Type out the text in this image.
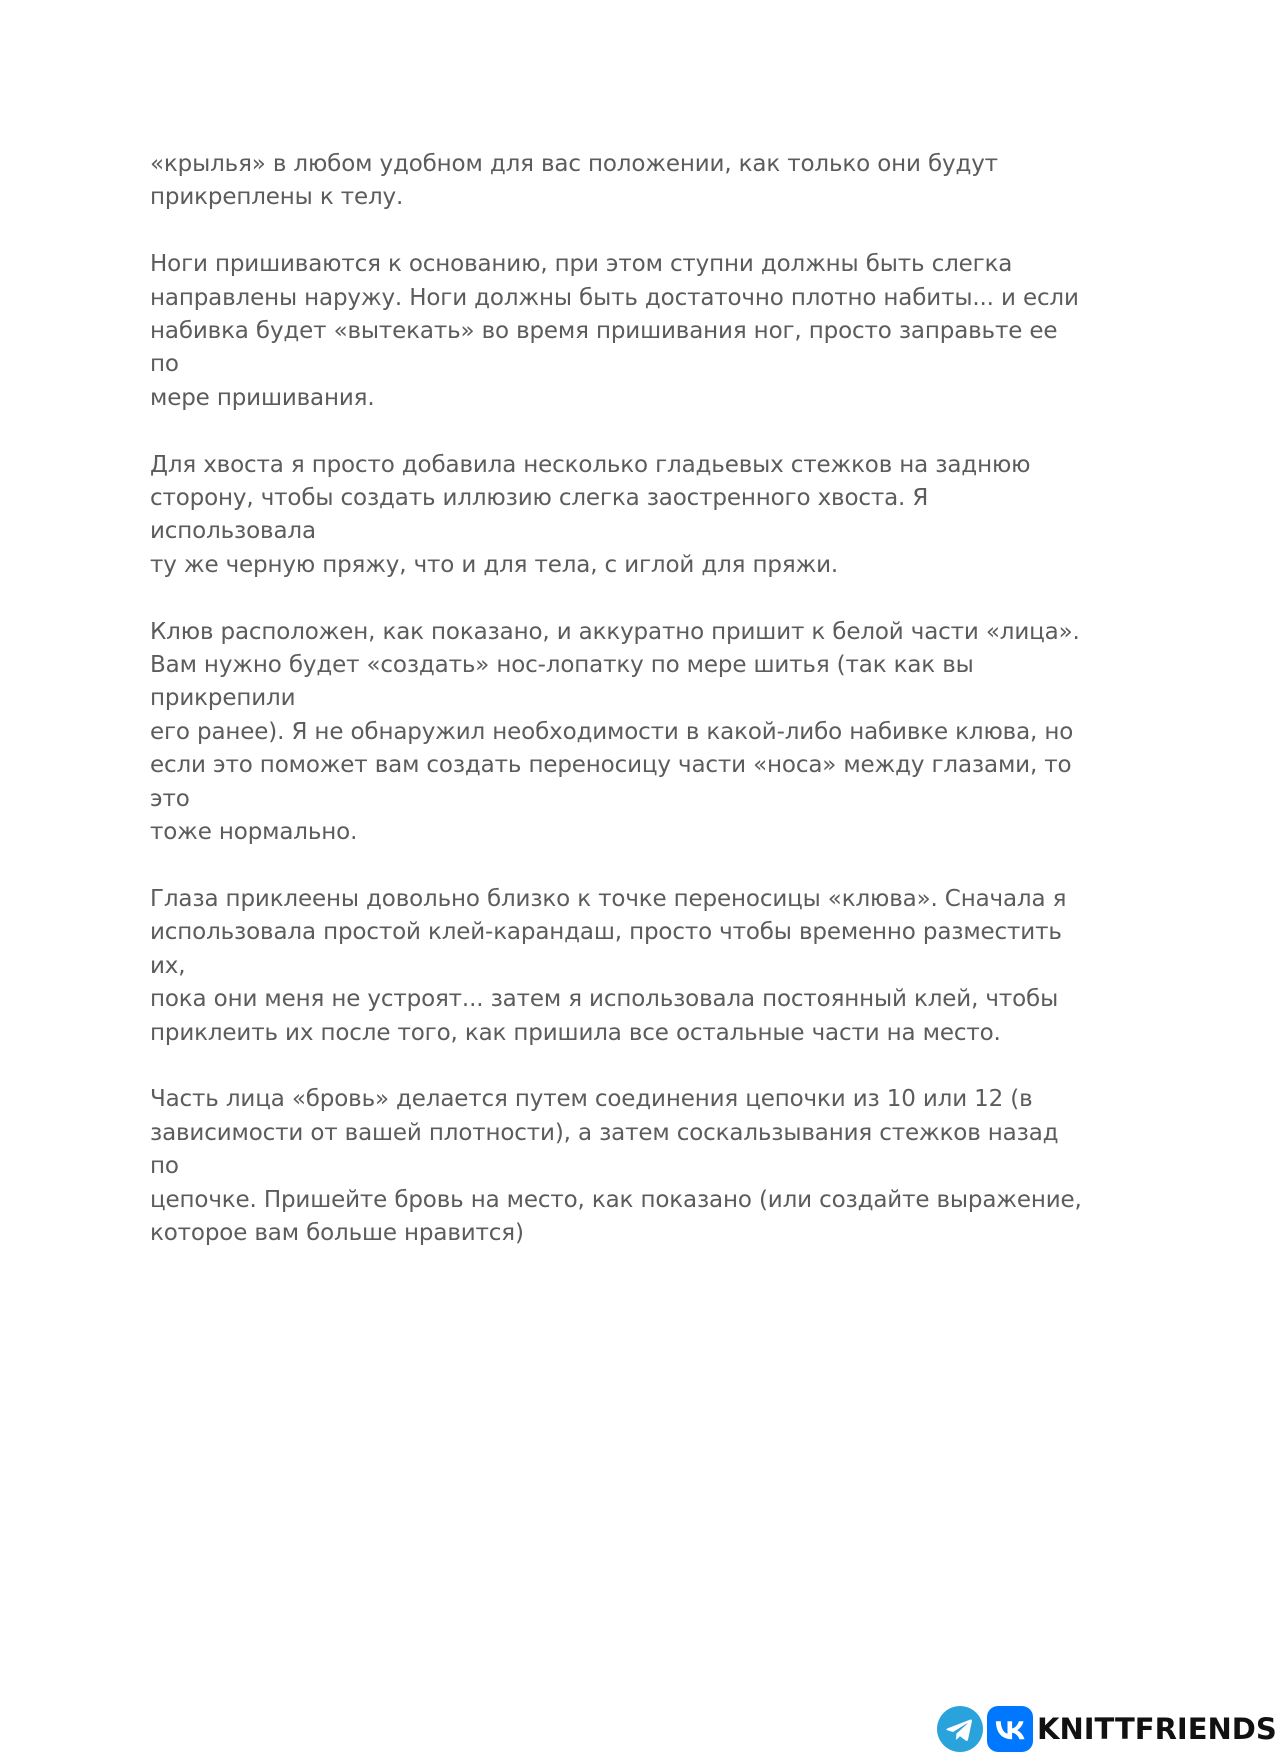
«крылья» в любом удобном для вас положении, как только они будут
прикреплены к телу.

Ноги пришиваются к основанию, при этом ступни должны быть слегка
направлены наружу. Ноги должны быть достаточно плотно набиты... и если
набивка будет «вытекать» во время пришивания ног, просто заправьте ее по
мере пришивания.

Для хвоста я просто добавила несколько гладьевых стежков на заднюю
сторону, чтобы создать иллюзию слегка заостренного хвоста. Я использовала
ту же черную пряжу, что и для тела, с иглой для пряжи.

Клюв расположен, как показано, и аккуратно пришит к белой части «лица».
Вам нужно будет «создать» нос-лопатку по мере шитья (так как вы прикрепили
его ранее). Я не обнаружил необходимости в какой-либо набивке клюва, но
если это поможет вам создать переносицу части «носа» между глазами, то это
тоже нормально.

Глаза приклеены довольно близко к точке переносицы «клюва». Сначала я
использовала простой клей-карандаш, просто чтобы временно разместить их,
пока они меня не устроят... затем я использовала постоянный клей, чтобы
приклеить их после того, как пришила все остальные части на место.

Часть лица «бровь» делается путем соединения цепочки из 10 или 12 (в
зависимости от вашей плотности), а затем соскальзывания стежков назад по
цепочке. Пришейте бровь на место, как показано (или создайте выражение,
которое вам больше нравится)

KNITTFRIENDS
